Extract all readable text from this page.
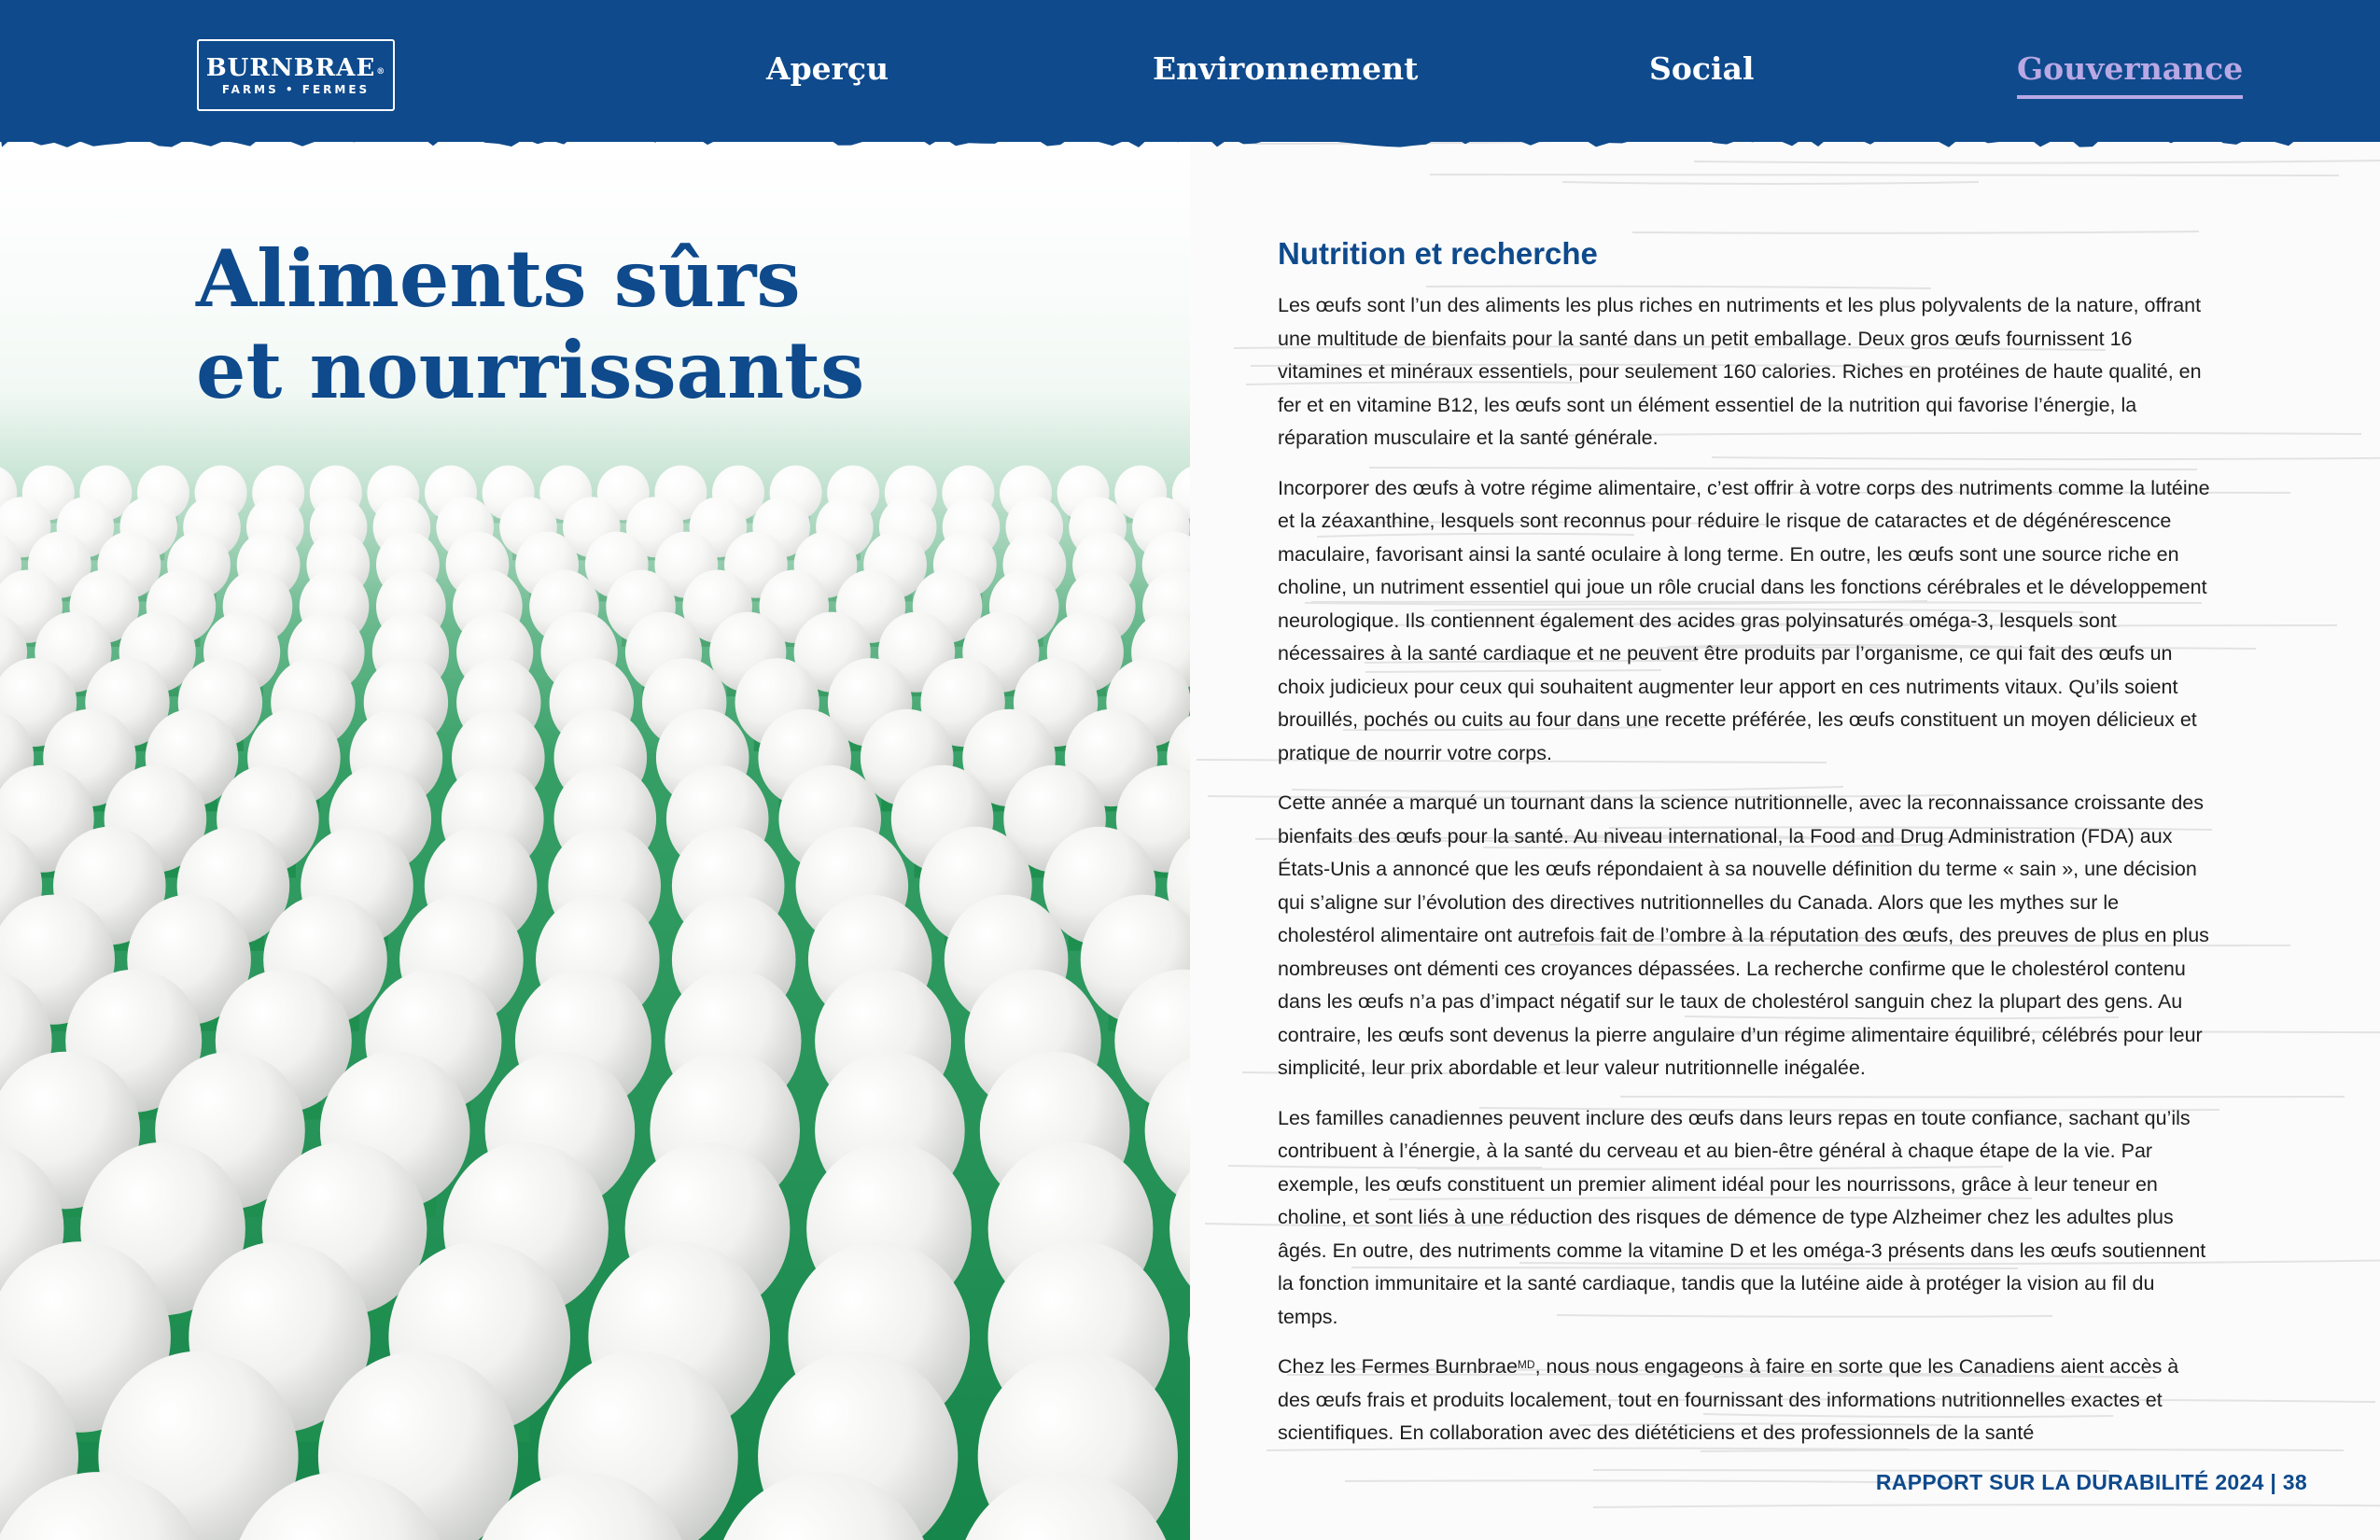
BURNBRAE®
FARMS • FERMES
Aperçu	Environnement	Social	Gouvernance
Aliments sûrs
et nourrissants
Nutrition et recherche

Les œufs sont l’un des aliments les plus riches en nutriments et les plus polyvalents de la nature, offrant une multitude de bienfaits pour la santé dans un petit emballage. Deux gros œufs fournissent 16 vitamines et minéraux essentiels, pour seulement 160 calories. Riches en protéines de haute qualité, en fer et en vitamine B12, les œufs sont un élément essentiel de la nutrition qui favorise l’énergie, la réparation musculaire et la santé générale.

Incorporer des œufs à votre régime alimentaire, c’est offrir à votre corps des nutriments comme la lutéine et la zéaxanthine, lesquels sont reconnus pour réduire le risque de cataractes et de dégénérescence maculaire, favorisant ainsi la santé oculaire à long terme. En outre, les œufs sont une source riche en choline, un nutriment essentiel qui joue un rôle crucial dans les fonctions cérébrales et le développement neurologique. Ils contiennent également des acides gras polyinsaturés oméga-3, lesquels sont nécessaires à la santé cardiaque et ne peuvent être produits par l’organisme, ce qui fait des œufs un choix judicieux pour ceux qui souhaitent augmenter leur apport en ces nutriments vitaux. Qu’ils soient brouillés, pochés ou cuits au four dans une recette préférée, les œufs constituent un moyen délicieux et pratique de nourrir votre corps.

Cette année a marqué un tournant dans la science nutritionnelle, avec la reconnaissance croissante des bienfaits des œufs pour la santé. Au niveau international, la Food and Drug Administration (FDA) aux États-Unis a annoncé que les œufs répondaient à sa nouvelle définition du terme « sain », une décision qui s’aligne sur l’évolution des directives nutritionnelles du Canada. Alors que les mythes sur le cholestérol alimentaire ont autrefois fait de l’ombre à la réputation des œufs, des preuves de plus en plus nombreuses ont démenti ces croyances dépassées. La recherche confirme que le cholestérol contenu dans les œufs n’a pas d’impact négatif sur le taux de cholestérol sanguin chez la plupart des gens. Au contraire, les œufs sont devenus la pierre angulaire d’un régime alimentaire équilibré, célébrés pour leur simplicité, leur prix abordable et leur valeur nutritionnelle inégalée.

Les familles canadiennes peuvent inclure des œufs dans leurs repas en toute confiance, sachant qu’ils contribuent à l’énergie, à la santé du cerveau et au bien-être général à chaque étape de la vie. Par exemple, les œufs constituent un premier aliment idéal pour les nourrissons, grâce à leur teneur en choline, et sont liés à une réduction des risques de démence de type Alzheimer chez les adultes plus âgés. En outre, des nutriments comme la vitamine D et les oméga-3 présents dans les œufs soutiennent la fonction immunitaire et la santé cardiaque, tandis que la lutéine aide à protéger la vision au fil du temps.

Chez les Fermes Burnbrae$^{MD}$, nous nous engageons à faire en sorte que les Canadiens aient accès à des œufs frais et produits localement, tout en fournissant des informations nutritionnelles exactes et scientifiques. En collaboration avec des diététiciens et des professionnels de la santé

RAPPORT SUR LA DURABILITÉ 2024 | 38
